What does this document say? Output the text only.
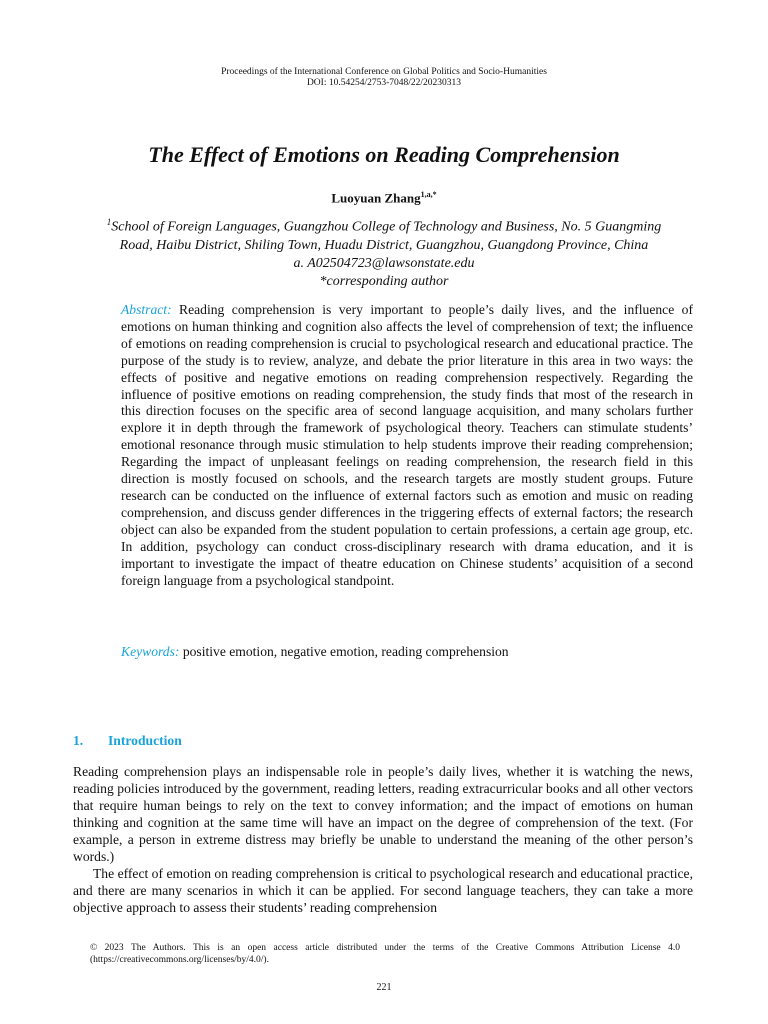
Proceedings of the International Conference on Global Politics and Socio-Humanities
DOI: 10.54254/2753-7048/22/20230313
The Effect of Emotions on Reading Comprehension
Luoyuan Zhang$^{1,a,*}$
$^1$School of Foreign Languages, Guangzhou College of Technology and Business, No. 5 Guangming
Road, Haibu District, Shiling Town, Huadu District, Guangzhou, Guangdong Province, China
a. A02504723@lawsonstate.edu
*corresponding author
Abstract: Reading comprehension is very important to people’s daily lives, and the influence of emotions on human thinking and cognition also affects the level of comprehension of text; the influence of emotions on reading comprehension is crucial to psychological research and educational practice. The purpose of the study is to review, analyze, and debate the prior literature in this area in two ways: the effects of positive and negative emotions on reading comprehension respectively. Regarding the influence of positive emotions on reading comprehension, the study finds that most of the research in this direction focuses on the specific area of second language acquisition, and many scholars further explore it in depth through the framework of psychological theory. Teachers can stimulate students’ emotional resonance through music stimulation to help students improve their reading comprehension; Regarding the impact of unpleasant feelings on reading comprehension, the research field in this direction is mostly focused on schools, and the research targets are mostly student groups. Future research can be conducted on the influence of external factors such as emotion and music on reading comprehension, and discuss gender differences in the triggering effects of external factors; the research object can also be expanded from the student population to certain professions, a certain age group, etc. In addition, psychology can conduct cross-disciplinary research with drama education, and it is important to investigate the impact of theatre education on Chinese students’ acquisition of a second foreign language from a psychological standpoint.
Keywords: positive emotion, negative emotion, reading comprehension
1. Introduction

Reading comprehension plays an indispensable role in people’s daily lives, whether it is watching the news, reading policies introduced by the government, reading letters, reading extracurricular books and all other vectors that require human beings to rely on the text to convey information; and the impact of emotions on human thinking and cognition at the same time will have an impact on the degree of comprehension of the text. (For example, a person in extreme distress may briefly be unable to understand the meaning of the other person’s words.)

The effect of emotion on reading comprehension is critical to psychological research and educational practice, and there are many scenarios in which it can be applied. For second language teachers, they can take a more objective approach to assess their students’ reading comprehension

© 2023 The Authors. This is an open access article distributed under the terms of the Creative Commons Attribution License 4.0 (https://creativecommons.org/licenses/by/4.0/).
221
